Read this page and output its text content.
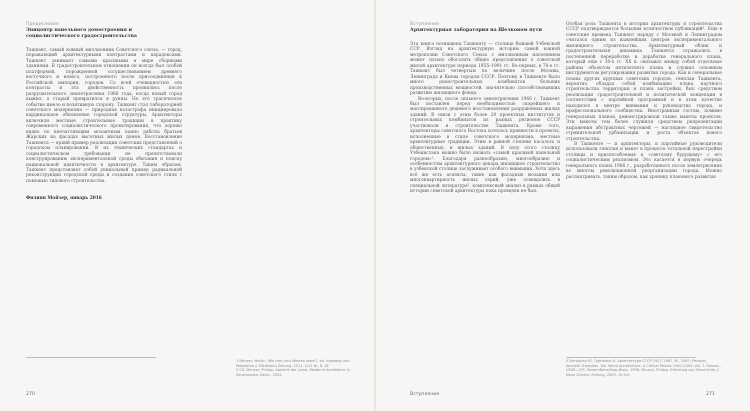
Предисловие
Эпицентр панельного домостроения и социалистического градостроительства

Ташкент, самый южный миллионник Советского союза, — город, поражающий архитектурными контрастами и парадоксами. Ташкент занимает самыми красивыми в мире сборными зданиями. В градостроительном отношении он всегда был особой платформой, порожденной сосуществованием древнего восточного и нового, построенного после присоединения к Российской империи, городов. Со всей очевидностью эти контрасты и эта двойственность проявились после разрушительного землетрясения 1966 года, когда новый город выжил, а старый превратился в руины. Но это трагическое событие имело и позитивную сторону. Ташкент стал лабораторией советского модернизма — природная катастрофа инициировала кардинальное обновление городской структуры. Архитекторы включили местные строительные традиции в практику современного социалистического проектирования, что хорошо видно по впечатляющим мозаичным панно работы братьев Жарских на фасадах высотных жилых домов. Восстановление Ташкента — яркий пример реализации советских представлений о городском планировании. В их технических стандартах и социалистическом требовании не препятствовали конструированию экспериментальной среды обитания и поиску национальной идентичности в архитектуре. Таким образом, Ташкент представляет собой уникальный пример радикальной реконструкции городской среды и создания советского стиля с помощью типового строительства.

Филипп Мойзер, январь 2016
1 Meuser, Martin. Wie man den Westen lesen?, ed. Ingeborg und Madeleine // Städtebau Zeitung, 2011. 1/11 Nr. 8, 16
2 Cit. Meuser, Philipp. Ästhetik der Leere, Moderne Architektur in Zentralasien. Berlin, 2002.
270
Вступление
Архитектурная лаборатория на Шелковом пути

Эта книга посвящена Ташкенту — столице бывшей Узбекской ССР. Взгляд на архитектурную историю самой южной метрополии Советского Союза с миллионным населением может сильно обогатить общее представление о советской жилой архитектуре периода 1955–1991 гг. Во-первых, в 70-е гг. Ташкент был четвертым по величине после Москвы, Ленинграда и Киева городом СССР. Поэтому в Ташкенте было много домостроительных комбинатов больших производственных мощностей, значительно способствовавших развитию жилищного фонда.

Во-вторых, после сильного землетрясения 1966 г. Ташкент был поставлен перед необходимостью скорейшего и массированного дешевого восстановления разрушенных жилых зданий. В связи с этим более 20 проектных институтов и строительных комбинатов из разных регионов СССР участвовали в строительстве Ташкента. Кроме того, архитекторы советского Востока хотелось привнести в проекты, исполненные в стиле советского модернизма, местные архитектурные традиции. Этим в равной степени касалось и общественных, и жилых зданий. В силу этого столицу Узбекистана можно было назвать «самой красивой панельной городом»¹. Благодаря разнообразию, многообразию и особенностям архитектурного декора жилищное строительство в узбекской столице заслуживает особого внимания. Хотя здесь всё же есть аспекты, такие как фасадные мозаики или многоквартирность жилых серий, уже освещались в специальной литературе², комплексный анализ в рамках общей истории советской архитектуры пока проведен не был.

Особая роль Ташкента в истории архитектуры и строительства СССР подтверждается большим количеством публикаций³. Еще в советские времена Ташкент наряду с Москвой и Ленинградом считался одним из важнейших центров экспериментального жилищного строительства. Архитектурный облик и градостроительная динамика Ташкента отражались в постепенной переработке и доработке генерального плана, который еще с 30-х гг. XX в. связывал между собой отдельные районы объектом пятилетнего плана и служил основным инструментом регулирования развития города. Как и генеральные планы других крупных советских городов, генплан Ташкента, вероятно, обладал собой комбинацию плана научного строительства территории и плана застройки, был средством реализации градостроительной и политической концепции в соответствии с партийной программой и в этом качестве находился в центре внимания и руководства города, и профессионального сообщества. Иностранным гостям, помимо генеральных планов, демонстрировали также макеты проектов. Эти макеты тем более служили средством репрезентации выражения абстрактных чертежей — наглядное свидетельство стремительной урбанизации и роста объектов нового строительства.

В Ташкенте — и архитекторы, и партийные руководители использовали генплан и макет в процессе тотальной перестройки столицы и приспособления к «светлому будущему» с его социалистическим реализмом. Это касается в первую очередь генерального плана 1966 г., разработанного после землетрясения во многом революционной реорганизации города. Можно рассматривать, таким образом, как хронику планового развития

3 Бетарова Ю. Гриненко Н. Архитектура СССР 1917–1987. М., 1987; Pevsner, Kenneth Frampton. Vol. World Architecture. A Critical Mosaic 1900–2000. Vol. 7. Russia—USSR—CIS. Пенин/Вена/Нью-Йорк, 1998; Meuser, Philipp. Erfindung von Geschichte // Neue Zürcher Zeitung, 2003. 19 Oct.
Вступление	271
